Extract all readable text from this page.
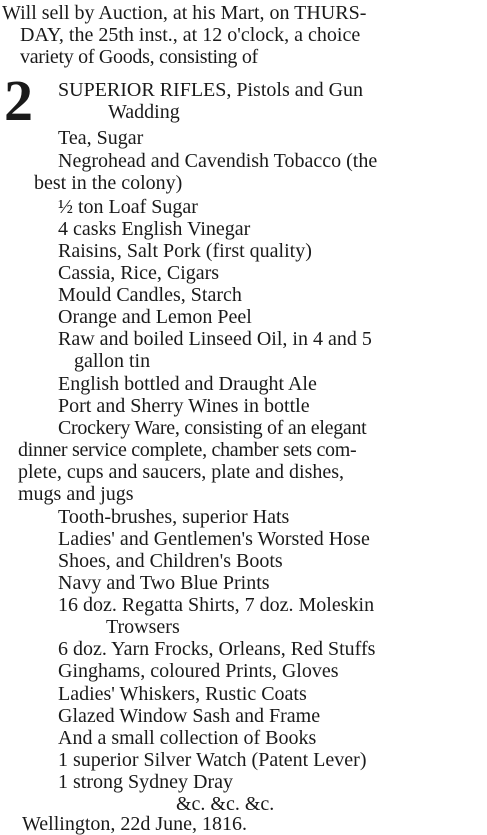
Will sell by Auction, at his Mart, on THURS-
DAY, the 25th inst., at 12 o'clock, a choice
variety of Goods, consisting of
2 SUPERIOR RIFLES, Pistols and Gun
Wadding
Tea, Sugar
Negrohead and Cavendish Tobacco (the
best in the colony)
½ ton Loaf Sugar
4 casks English Vinegar
Raisins, Salt Pork (first quality)
Cassia, Rice, Cigars
Mould Candles, Starch
Orange and Lemon Peel
Raw and boiled Linseed Oil, in 4 and 5
gallon tin
English bottled and Draught Ale
Port and Sherry Wines in bottle
Crockery Ware, consisting of an elegant
dinner service complete, chamber sets com-
plete, cups and saucers, plate and dishes,
mugs and jugs
Tooth-brushes, superior Hats
Ladies' and Gentlemen's Worsted Hose
Shoes, and Children's Boots
Navy and Two Blue Prints
16 doz. Regatta Shirts, 7 doz. Moleskin
Trowsers
6 doz. Yarn Frocks, Orleans, Red Stuffs
Ginghams, coloured Prints, Gloves
Ladies' Whiskers, Rustic Coats
Glazed Window Sash and Frame
And a small collection of Books
1 superior Silver Watch (Patent Lever)
1 strong Sydney Dray
&c. &c. &c.
Wellington, 22d June, 1816.
